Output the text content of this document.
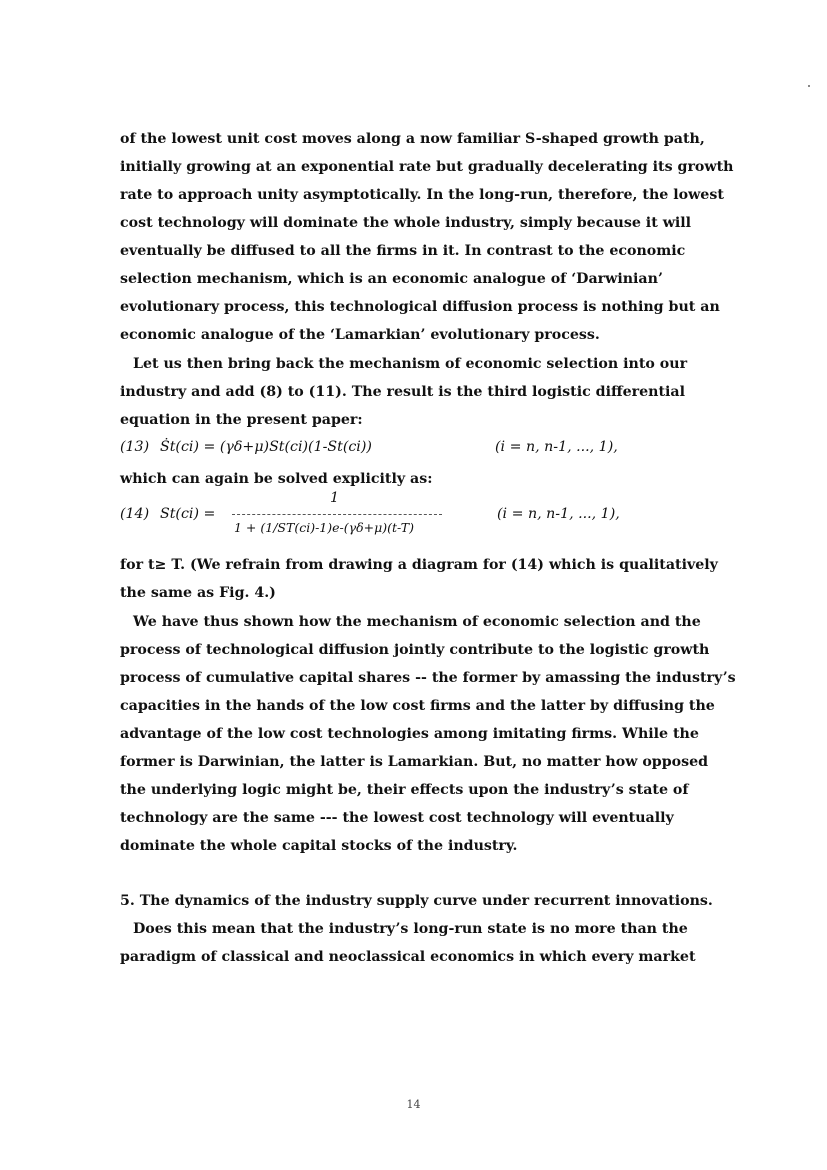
of the lowest unit cost moves along a now familiar S-shaped growth path,
initially growing at an exponential rate but gradually decelerating its growth
rate to approach unity asymptotically. In the long-run, therefore, the lowest
cost technology will dominate the whole industry, simply because it will
eventually be diffused to all the firms in it. In contrast to the economic
selection mechanism, which is an economic analogue of ‘Darwinian’
evolutionary process, this technological diffusion process is nothing but an
economic analogue of the ‘Lamarkian’ evolutionary process.
Let us then bring back the mechanism of economic selection into our
industry and add (8) to (11). The result is the third logistic differential
equation in the present paper:
(13) Ṡt(ci) = (γδ+μ)St(ci)(1-St(ci))	(i = n, n-1, ..., 1),
which can again be solved explicitly as:
1
(14) St(ci) =
1 + (1/ST(ci)-1)e-(γδ+μ)(t-T)
(i = n, n-1, ..., 1),
for t≥ T. (We refrain from drawing a diagram for (14) which is qualitatively
the same as Fig. 4.)
We have thus shown how the mechanism of economic selection and the
process of technological diffusion jointly contribute to the logistic growth
process of cumulative capital shares -- the former by amassing the industry’s
capacities in the hands of the low cost firms and the latter by diffusing the
advantage of the low cost technologies among imitating firms. While the
former is Darwinian, the latter is Lamarkian. But, no matter how opposed
the underlying logic might be, their effects upon the industry’s state of
technology are the same --- the lowest cost technology will eventually
dominate the whole capital stocks of the industry.
5. The dynamics of the industry supply curve under recurrent innovations.
Does this mean that the industry’s long-run state is no more than the
paradigm of classical and neoclassical economics in which every market
14
